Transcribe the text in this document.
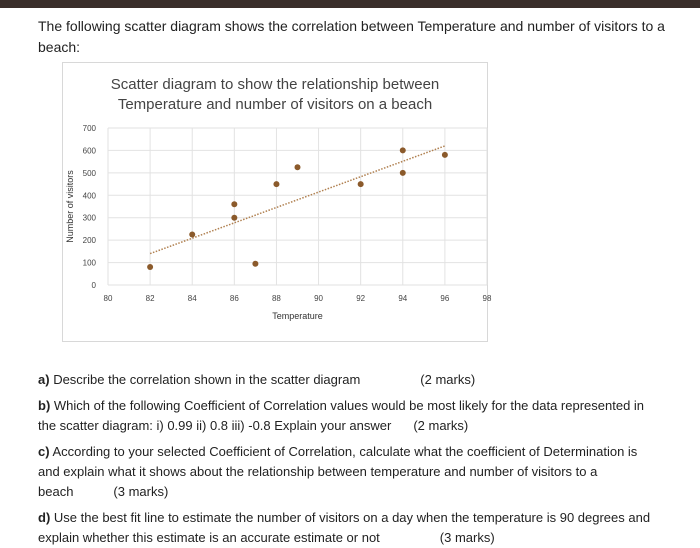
The following scatter diagram shows the correlation between Temperature and number of visitors to a beach:
Scatter diagram to show the relationship between
Temperature and number of visitors on a beach
0
100
200
300
400
500
600
700
80	82	84	86	88	90	92	94	96	98
Temperature
Number of visitors
a) Describe the correlation shown in the scatter diagram	(2 marks)
b) Which of the following Coefficient of Correlation values would be most likely for the data represented in the scatter diagram: i) 0.99 ii) 0.8 iii) -0.8 Explain your answer (2 marks)
c) According to your selected Coefficient of Correlation, calculate what the coefficient of Determination is and explain what it shows about the relationship between temperature and number of visitors to a beach	(3 marks)
d) Use the best fit line to estimate the number of visitors on a day when the temperature is 90 degrees and explain whether this estimate is an accurate estimate or not	(3 marks)
